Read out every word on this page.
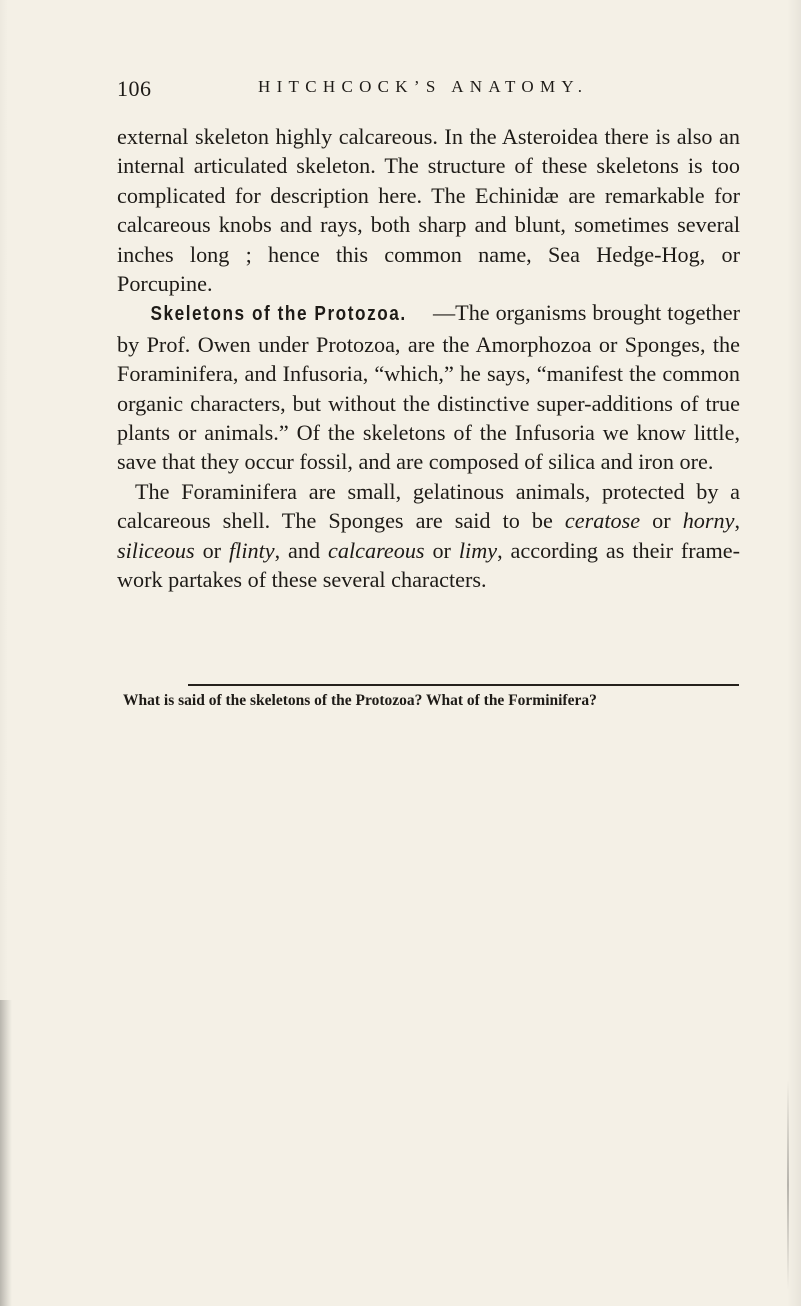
106	HITCHCOCK’S ANATOMY.

external skeleton highly calcareous. In the Asteroidea there is also an internal articulated skeleton. The structure of these skeletons is too complicated for description here. The Echinidæ are remarkable for calcareous knobs and rays, both sharp and blunt, sometimes several inches long ; hence this common name, Sea Hedge-Hog, or Porcupine.

Skeletons of the Protozoa. —The organisms brought together by Prof. Owen under Protozoa, are the Amorphozoa or Sponges, the Foraminifera, and Infusoria, “which,” he says, “manifest the common organic characters, but without the distinctive super-additions of true plants or animals.” Of the skeletons of the Infusoria we know little, save that they occur fossil, and are composed of silica and iron ore.

The Foraminifera are small, gelatinous animals, protected by a calcareous shell. The Sponges are said to be ceratose or horny, siliceous or flinty, and calcareous or limy, according as their frame-work partakes of these several characters.

What is said of the skeletons of the Protozoa? What of the Forminifera?
